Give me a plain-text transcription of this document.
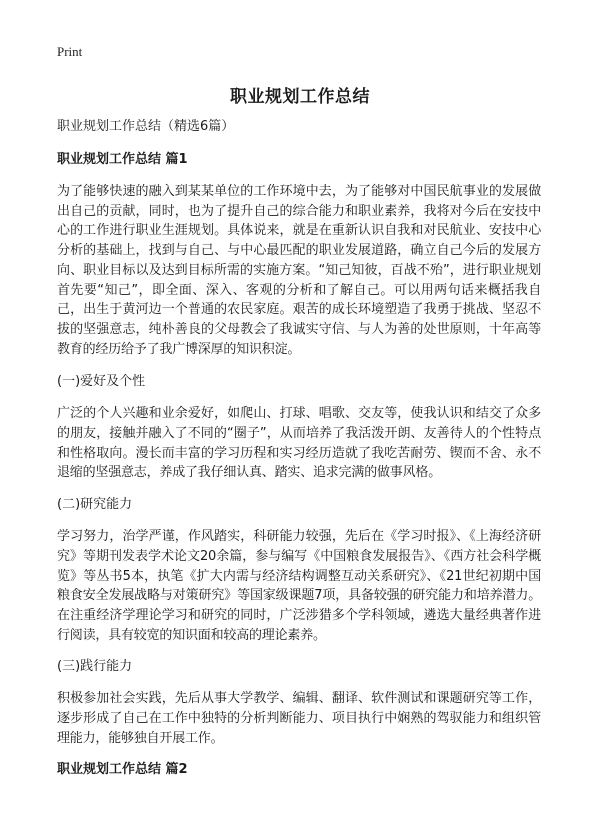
Print
职业规划工作总结

职业规划工作总结（精选6篇）

职业规划工作总结 篇1

为了能够快速的融入到某某单位的工作环境中去，为了能够对中国民航事业的发展做出自己的贡献，同时，也为了提升自己的综合能力和职业素养，我将对今后在安技中心的工作进行职业生涯规划。具体说来，就是在重新认识自我和对民航业、安技中心分析的基础上，找到与自己、与中心最匹配的职业发展道路，确立自己今后的发展方向、职业目标以及达到目标所需的实施方案。“知己知彼，百战不殆”，进行职业规划首先要“知己”，即全面、深入、客观的分析和了解自己。可以用两句话来概括我自己，出生于黄河边一个普通的农民家庭。艰苦的成长环境塑造了我勇于挑战、坚忍不拔的坚强意志，纯朴善良的父母教会了我诚实守信、与人为善的处世原则，十年高等教育的经历给予了我广博深厚的知识积淀。

(一)爱好及个性

广泛的个人兴趣和业余爱好，如爬山、打球、唱歌、交友等，使我认识和结交了众多的朋友，接触并融入了不同的“圈子”，从而培养了我活泼开朗、友善待人的个性特点和性格取向。漫长而丰富的学习历程和实习经历造就了我吃苦耐劳、锲而不舍、永不退缩的坚强意志，养成了我仔细认真、踏实、追求完满的做事风格。

(二)研究能力

学习努力，治学严谨，作风踏实，科研能力较强，先后在《学习时报》、《上海经济研究》等期刊发表学术论文20余篇，参与编写《中国粮食发展报告》、《西方社会科学概览》等丛书5本，执笔《扩大内需与经济结构调整互动关系研究》、《21世纪初期中国粮食安全发展战略与对策研究》等国家级课题7项，具备较强的研究能力和培养潜力。在注重经济学理论学习和研究的同时，广泛涉猎多个学科领域，遴选大量经典著作进行阅读，具有较宽的知识面和较高的理论素养。

(三)践行能力

积极参加社会实践，先后从事大学教学、编辑、翻译、软件测试和课题研究等工作，逐步形成了自己在工作中独特的分析判断能力、项目执行中娴熟的驾驭能力和组织管理能力，能够独自开展工作。

职业规划工作总结 篇2
